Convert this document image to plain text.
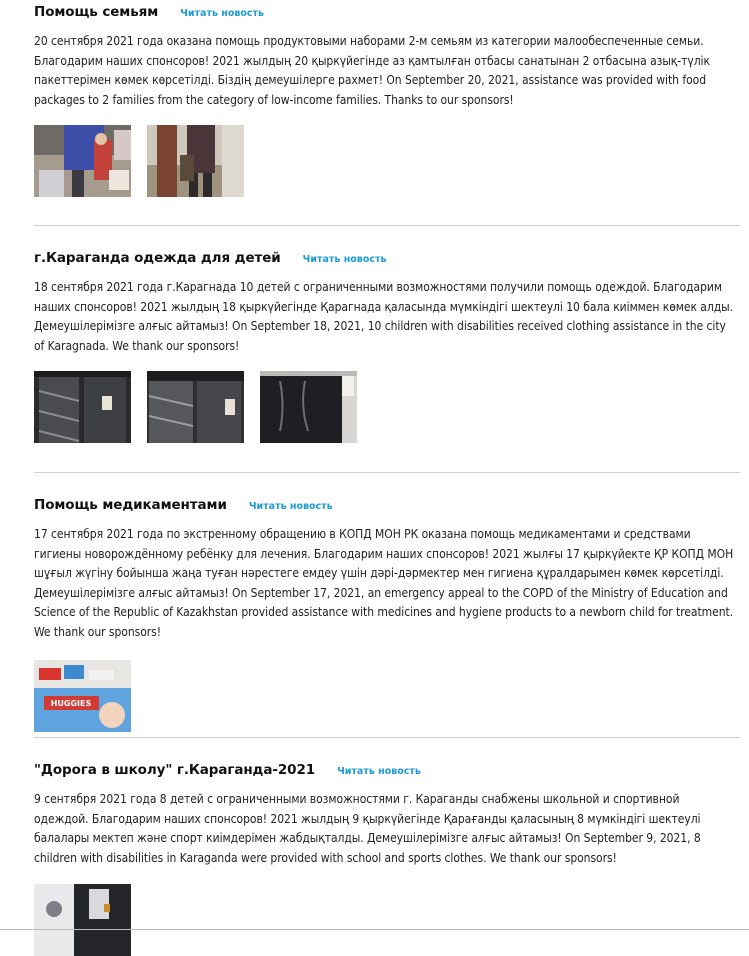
Помощь семьям Читать новость
20 сентября 2021 года оказана помощь продуктовыми наборами 2-м семьям из категории малообеспеченные семьи. Благодарим наших спонсоров! 2021 жылдың 20 қыркүйегінде аз қамтылған отбасы санатынан 2 отбасына азық-түлік пакеттерімен көмек көрсетілді. Біздің демеушілерге рахмет! On September 20, 2021, assistance was provided with food packages to 2 families from the category of low-income families. Thanks to our sponsors!
г.Караганда одежда для детей Читать новость
18 сентября 2021 года г.Карагнада 10 детей с ограниченными возможностями получили помощь одеждой. Благодарим наших спонсоров! 2021 жылдың 18 қыркүйегінде Қарагнада қаласында мүмкіндігі шектеулі 10 бала киіммен көмек алды. Демеушілерімізге алғыс айтамыз! On September 18, 2021, 10 children with disabilities received clothing assistance in the city of Karagnada. We thank our sponsors!
Помощь медикаментами Читать новость
17 сентября 2021 года по экстренному обращению в КОПД МОН РК оказана помощь медикаментами и средствами гигиены новорождённому ребёнку для лечения. Благодарим наших спонсоров! 2021 жылғы 17 қыркүйекте ҚР КОПД МОН шұғыл жүгіну бойынша жаңа туған нәрестеге емдеу үшін дәрі-дәрмектер мен гигиена құралдарымен көмек көрсетілді. Демеушілерімізге алғыс айтамыз! On September 17, 2021, an emergency appeal to the COPD of the Ministry of Education and Science of the Republic of Kazakhstan provided assistance with medicines and hygiene products to a newborn child for treatment. We thank our sponsors!
HUGGIES
"Дорога в школу" г.Караганда-2021 Читать новость
9 сентября 2021 года 8 детей с ограниченными возможностями г. Караганды снабжены школьной и спортивной одеждой. Благодарим наших спонсоров! 2021 жылдың 9 қыркүйегінде Қарағанды қаласының 8 мүмкіндігі шектеулі балалары мектеп және спорт киімдерімен жабдықталды. Демеушілерімізге алғыс айтамыз! On September 9, 2021, 8 children with disabilities in Karaganda were provided with school and sports clothes. We thank our sponsors!
